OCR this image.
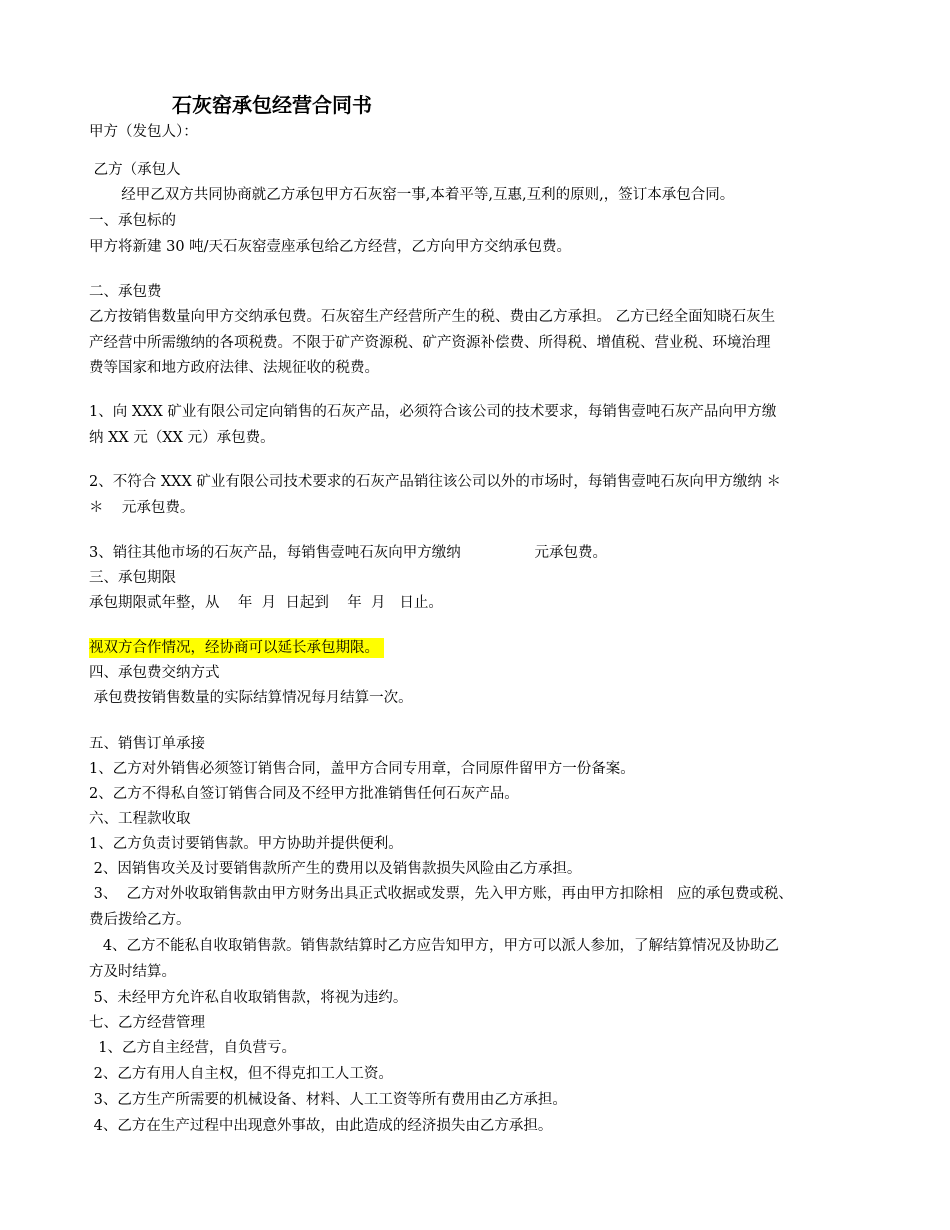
石灰窑承包经营合同书
甲方（发包人）：
乙方（承包人
经甲乙双方共同协商就乙方承包甲方石灰窑一事,本着平等,互惠,互利的原则,，签订本承包合同。
一、承包标的
甲方将新建 30 吨/天石灰窑壹座承包给乙方经营，乙方向甲方交纳承包费。
二、承包费
乙方按销售数量向甲方交纳承包费。石灰窑生产经营所产生的税、费由乙方承担。 乙方已经全面知晓石灰生
产经营中所需缴纳的各项税费。不限于矿产资源税、矿产资源补偿费、所得税、增值税、营业税、环境治理
费等国家和地方政府法律、法规征收的税费。
1、向 XXX 矿业有限公司定向销售的石灰产品，必须符合该公司的技术要求，每销售壹吨石灰产品向甲方缴
纳 XX 元（XX 元）承包费。
2、不符合 XXX 矿业有限公司技术要求的石灰产品销往该公司以外的市场时，每销售壹吨石灰向甲方缴纳 ＊
＊    元承包费。
3、销往其他市场的石灰产品，每销售壹吨石灰向甲方缴纳                元承包费。
三、承包期限
承包期限贰年整，从    年  月  日起到    年  月   日止。
视双方合作情况，经协商可以延长承包期限。
四、承包费交纳方式
承包费按销售数量的实际结算情况每月结算一次。
五、销售订单承接
1、乙方对外销售必须签订销售合同，盖甲方合同专用章，合同原件留甲方一份备案。
2、乙方不得私自签订销售合同及不经甲方批准销售任何石灰产品。
六、工程款收取
1、乙方负责讨要销售款。甲方协助并提供便利。
2、因销售攻关及讨要销售款所产生的费用以及销售款损失风险由乙方承担。
3、  乙方对外收取销售款由甲方财务出具正式收据或发票，先入甲方账，再由甲方扣除相   应的承包费或税、
费后拨给乙方。
4、乙方不能私自收取销售款。销售款结算时乙方应告知甲方，甲方可以派人参加，了解结算情况及协助乙
方及时结算。
5、未经甲方允许私自收取销售款，将视为违约。
七、乙方经营管理
1、乙方自主经营，自负营亏。
2、乙方有用人自主权，但不得克扣工人工资。
3、乙方生产所需要的机械设备、材料、人工工资等所有费用由乙方承担。
4、乙方在生产过程中出现意外事故，由此造成的经济损失由乙方承担。
